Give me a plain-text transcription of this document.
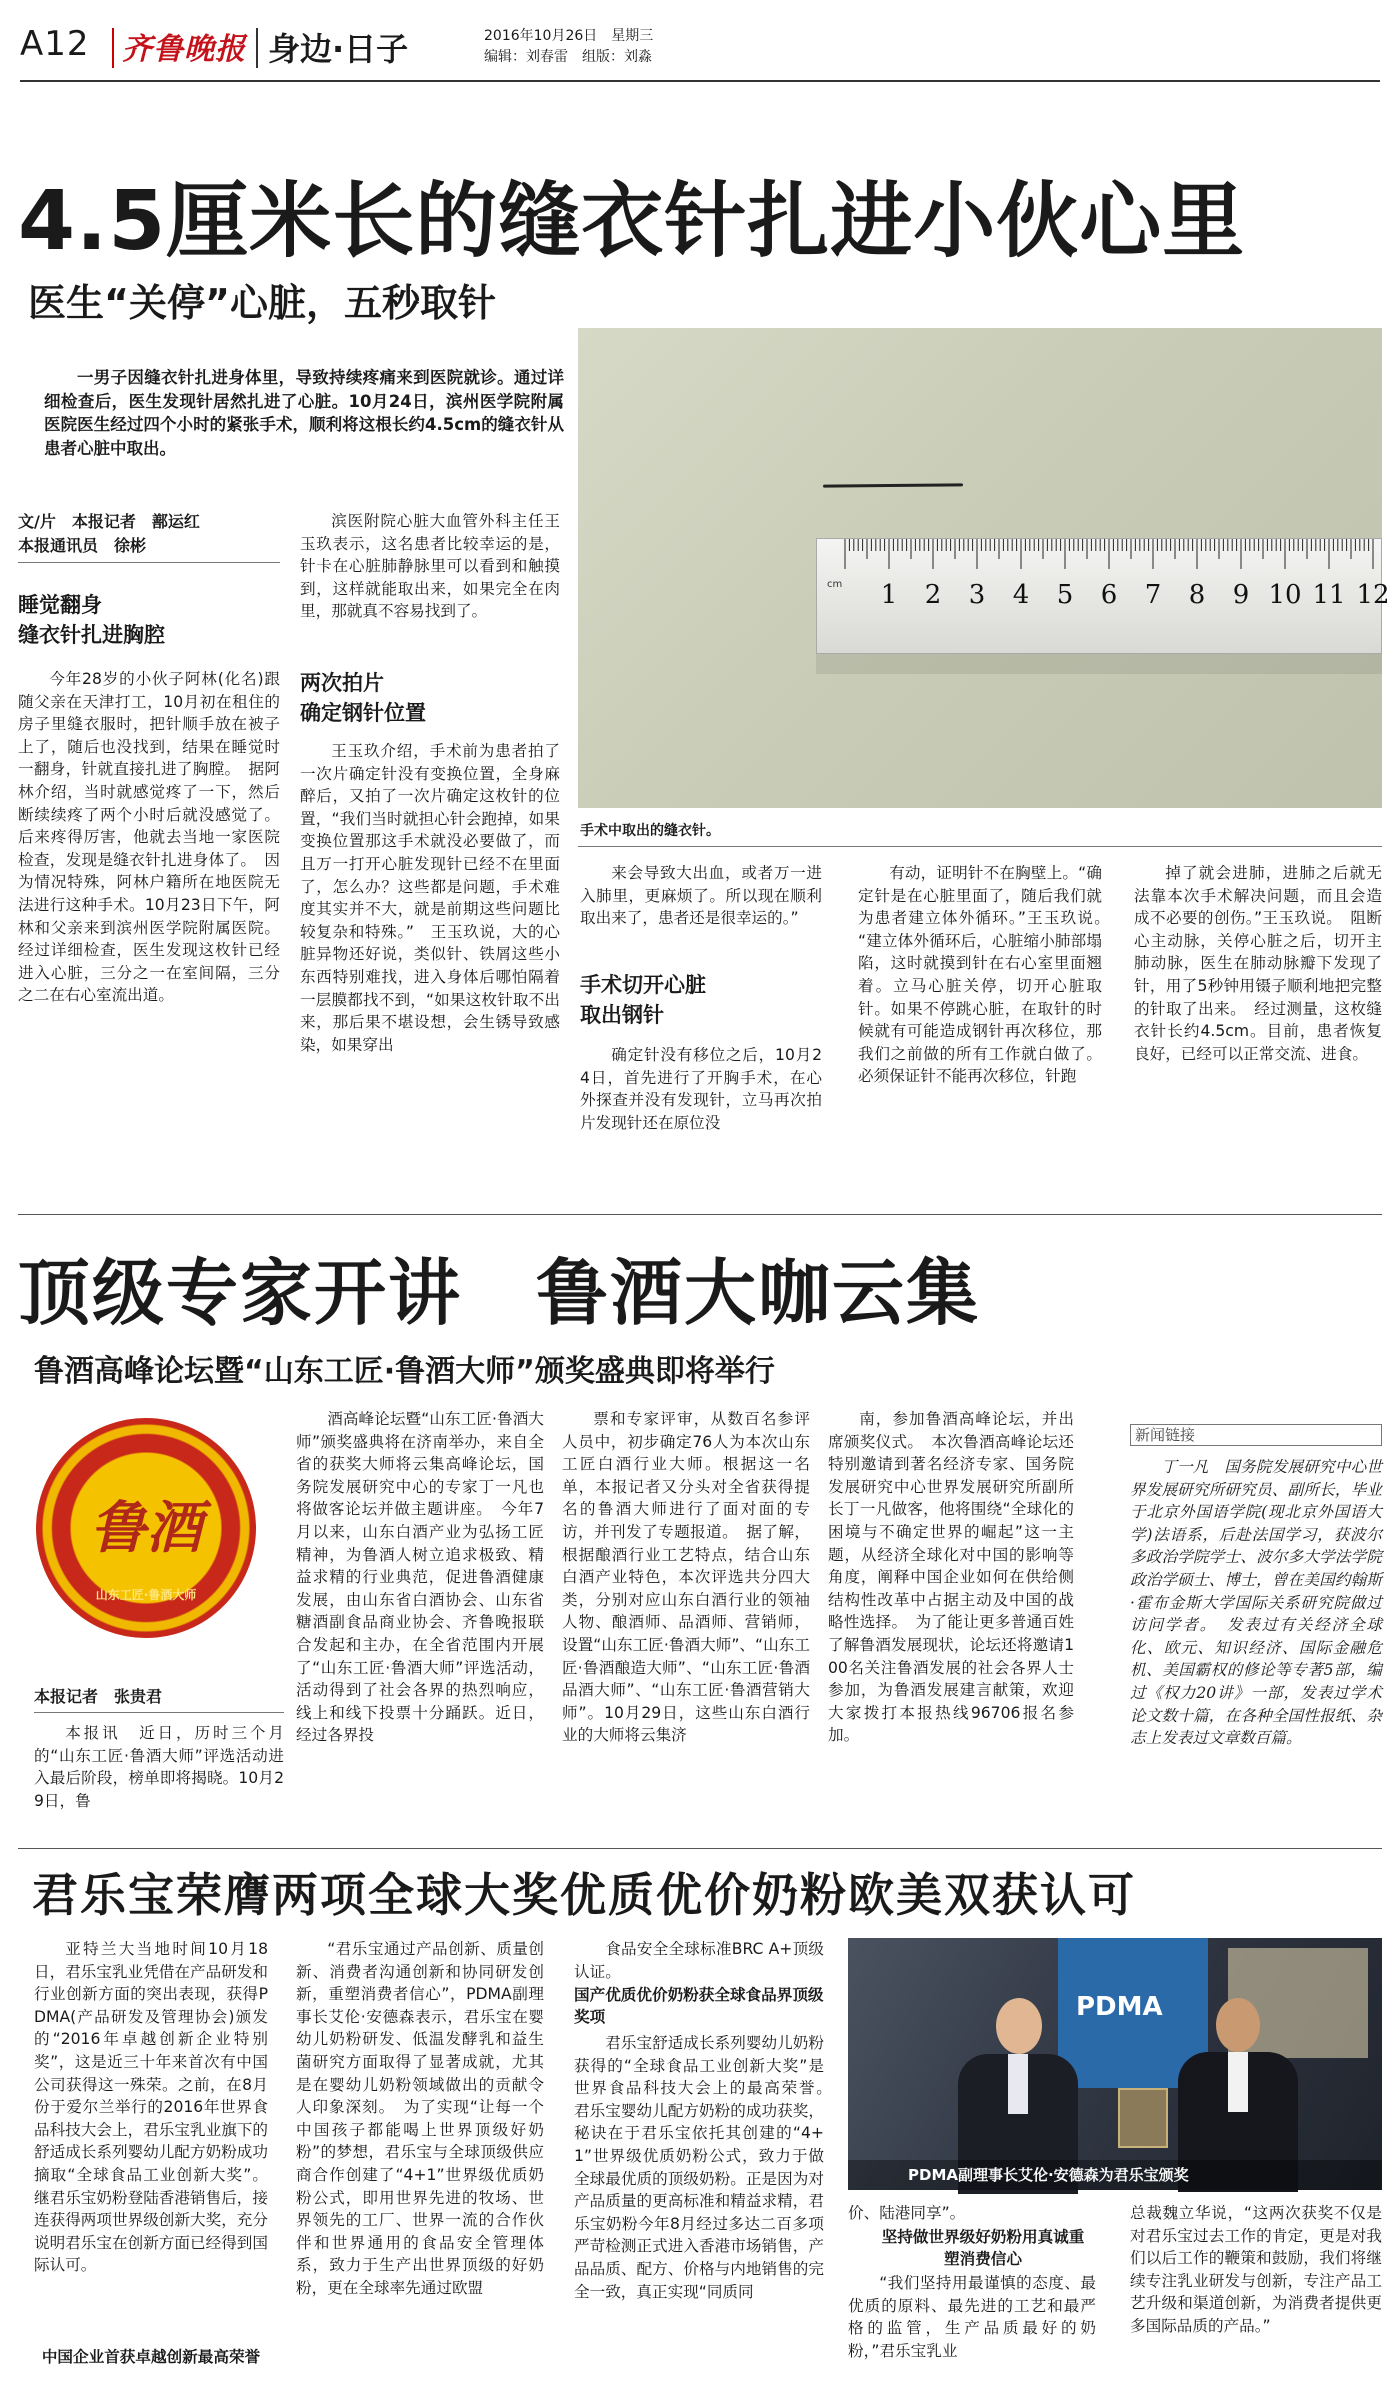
A12 齐鲁晚报 身边·日子	2016年10月26日　 星期三
编辑：刘春雷　 组版：刘淼
4.5厘米长的缝衣针扎进小伙心里
医生“关停”心脏，五秒取针
一男子因缝衣针扎进身体里，导致持续疼痛来到医院就诊。通过详细检查后，医生发现针居然扎进了心脏。10月24日，滨州医学院附属医院医生经过四个小时的紧张手术，顺利将这根长约4.5cm的缝衣针从患者心脏中取出。
文/片　本报记者　鄯运红
本报通讯员　徐彬
睡觉翻身
缝衣针扎进胸腔
今年28岁的小伙子阿林(化名)跟随父亲在天津打工，10月初在租住的房子里缝衣服时，把针顺手放在被子上了，随后也没找到，结果在睡觉时一翻身，针就直接扎进了胸膛。　据阿林介绍，当时就感觉疼了一下，然后断续续疼了两个小时后就没感觉了。后来疼得厉害，他就去当地一家医院检查，发现是缝衣针扎进身体了。　因为情况特殊，阿林户籍所在地医院无法进行这种手术。10月23日下午，阿林和父亲来到滨州医学院附属医院。经过详细检查，医生发现这枚针已经进入心脏，三分之一在室间隔，三分之二在右心室流出道。
滨医附院心脏大血管外科主任王玉玖表示，这名患者比较幸运的是，针卡在心脏肺静脉里可以看到和触摸到，这样就能取出来，如果完全在肉里，那就真不容易找到了。
两次拍片
确定钢针位置
王玉玖介绍，手术前为患者拍了一次片确定针没有变换位置，全身麻醉后，又拍了一次片确定这枚针的位置，“我们当时就担心针会跑掉，如果变换位置那这手术就没必要做了，而且万一打开心脏发现针已经不在里面了，怎么办？这些都是问题，手术难度其实并不大，就是前期这些问题比较复杂和特殊。”　王玉玖说，大的心脏异物还好说，类似针、铁屑这些小东西特别难找，进入身体后哪怕隔着一层膜都找不到，“如果这枚针取不出来，那后果不堪设想，会生锈导致感染，如果穿出
1 2 3 4 5 6 7 8 9 10 11 12
cm
手术中取出的缝衣针。
来会导致大出血，或者万一进入肺里，更麻烦了。所以现在顺利取出来了，患者还是很幸运的。”
手术切开心脏
取出钢针
确定针没有移位之后，10月24日，首先进行了开胸手术，在心外探查并没有发现针，立马再次拍片发现针还在原位没
有动，证明针不在胸壁上。“确定针是在心脏里面了，随后我们就为患者建立体外循环。”王玉玖说。　“建立体外循环后，心脏缩小肺部塌陷，这时就摸到针在右心室里面翘着。立马心脏关停，切开心脏取针。如果不停跳心脏，在取针的时候就有可能造成钢针再次移位，那我们之前做的所有工作就白做了。必须保证针不能再次移位，针跑
掉了就会进肺，进肺之后就无法靠本次手术解决问题，而且会造成不必要的创伤。”王玉玖说。　阻断心主动脉，关停心脏之后，切开主肺动脉，医生在肺动脉瓣下发现了针，用了5秒钟用镊子顺利地把完整的针取了出来。　经过测量，这枚缝衣针长约4.5cm。目前，患者恢复良好，已经可以正常交流、进食。
顶级专家开讲　鲁酒大咖云集
鲁酒高峰论坛暨“山东工匠·鲁酒大师”颁奖盛典即将举行
鲁酒
山东工匠·鲁酒大师
本报记者　张贵君
本报讯　近日，历时三个月的“山东工匠·鲁酒大师”评选活动进入最后阶段，榜单即将揭晓。10月29日，鲁
酒高峰论坛暨“山东工匠·鲁酒大师”颁奖盛典将在济南举办，来自全省的获奖大师将云集高峰论坛，国务院发展研究中心的专家丁一凡也将做客论坛并做主题讲座。　今年7月以来，山东白酒产业为弘扬工匠精神，为鲁酒人树立追求极致、精益求精的行业典范，促进鲁酒健康发展，由山东省白酒协会、山东省糖酒副食品商业协会、齐鲁晚报联合发起和主办，在全省范围内开展了“山东工匠·鲁酒大师”评选活动，活动得到了社会各界的热烈响应，线上和线下投票十分踊跃。近日，经过各界投
票和专家评审，从数百名参评人员中，初步确定76人为本次山东工匠白酒行业大师。根据这一名单，本报记者又分头对全省获得提名的鲁酒大师进行了面对面的专访，并刊发了专题报道。　据了解，根据酿酒行业工艺特点，结合山东白酒产业特色，本次评选共分四大类，分别对应山东白酒行业的领袖人物、酿酒师、品酒师、营销师，设置“山东工匠·鲁酒大师”、“山东工匠·鲁酒酿造大师”、“山东工匠·鲁酒品酒大师”、“山东工匠·鲁酒营销大师”。10月29日，这些山东白酒行业的大师将云集济
南，参加鲁酒高峰论坛，并出席颁奖仪式。　本次鲁酒高峰论坛还特别邀请到著名经济专家、国务院发展研究中心世界发展研究所副所长丁一凡做客，他将围绕“全球化的困境与不确定世界的崛起”这一主题，从经济全球化对中国的影响等角度，阐释中国企业如何在供给侧结构性改革中占据主动及中国的战略性选择。　为了能让更多普通百姓了解鲁酒发展现状，论坛还将邀请100名关注鲁酒发展的社会各界人士参加，为鲁酒发展建言献策，欢迎大家拨打本报热线96706报名参加。
新闻链接
丁一凡　国务院发展研究中心世界发展研究所研究员、副所长，毕业于北京外国语学院(现北京外国语大学)法语系，后赴法国学习，获波尔多政治学院学士、波尔多大学法学院政治学硕士、博士，曾在美国约翰斯·霍布金斯大学国际关系研究院做过访问学者。　发表过有关经济全球化、欧元、知识经济、国际金融危机、美国霸权的修论等专著5部，编过《权力20讲》一部，发表过学术论文数十篇，在各种全国性报纸、杂志上发表过文章数百篇。
君乐宝荣膺两项全球大奖优质优价奶粉欧美双获认可
亚特兰大当地时间10月18日，君乐宝乳业凭借在产品研发和行业创新方面的突出表现，获得PDMA(产品研发及管理协会)颁发的“2016年卓越创新企业特别奖”，这是近三十年来首次有中国公司获得这一殊荣。之前，在8月份于爱尔兰举行的2016年世界食品科技大会上，君乐宝乳业旗下的舒适成长系列婴幼儿配方奶粉成功摘取“全球食品工业创新大奖”。继君乐宝奶粉登陆香港销售后，接连获得两项世界级创新大奖，充分说明君乐宝在创新方面已经得到国际认可。
中国企业首获卓越创新最高荣誉
“君乐宝通过产品创新、质量创新、消费者沟通创新和协同研发创新，重塑消费者信心”，PDMA副理事长艾伦·安德森表示，君乐宝在婴幼儿奶粉研发、低温发酵乳和益生菌研究方面取得了显著成就，尤其是在婴幼儿奶粉领域做出的贡献令人印象深刻。　为了实现“让每一个中国孩子都能喝上世界顶级好奶粉”的梦想，君乐宝与全球顶级供应商合作创建了“4+1”世界级优质奶粉公式，即用世界先进的牧场、世界领先的工厂、世界一流的合作伙伴和世界通用的食品安全管理体系，致力于生产出世界顶级的好奶粉，更在全球率先通过欧盟
食品安全全球标准BRC A+顶级认证。
国产优质优价奶粉获全球食品界顶级奖项
君乐宝舒适成长系列婴幼儿奶粉获得的“全球食品工业创新大奖”是世界食品科技大会上的最高荣誉。　君乐宝婴幼儿配方奶粉的成功获奖，秘诀在于君乐宝依托其创建的“4+1”世界级优质奶粉公式，致力于做全球最优质的顶级奶粉。正是因为对产品质量的更高标准和精益求精，君乐宝奶粉今年8月经过多达二百多项严苛检测正式进入香港市场销售，产品品质、配方、价格与内地销售的完全一致，真正实现“同质同
PDMA
PDMA副理事长艾伦·安德森为君乐宝颁奖
价、陆港同享”。
坚持做世界级好奶粉用真诚重塑消费信心
“我们坚持用最谨慎的态度、最优质的原料、最先进的工艺和最严格的监管，生产品质最好的奶粉，”君乐宝乳业
总裁魏立华说，“这两次获奖不仅是对君乐宝过去工作的肯定，更是对我们以后工作的鞭策和鼓励，我们将继续专注乳业研发与创新，专注产品工艺升级和渠道创新，为消费者提供更多国际品质的产品。”
